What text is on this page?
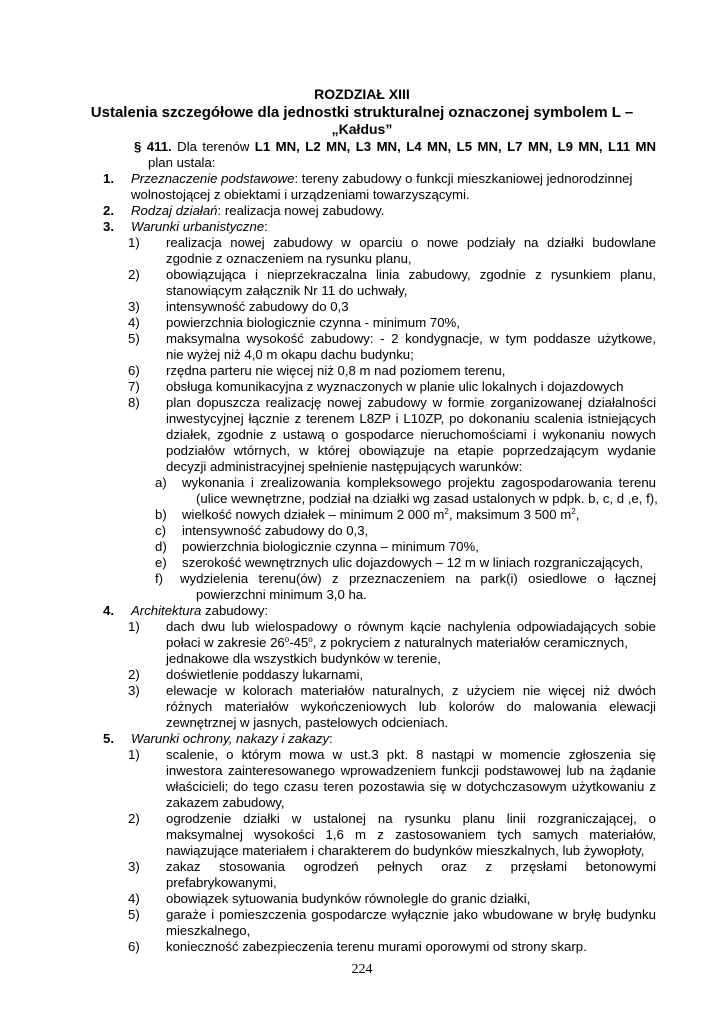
ROZDZIAŁ XIII
Ustalenia szczegółowe dla jednostki strukturalnej oznaczonej symbolem L –
„Kałdus”
§ 411. Dla terenów L1 MN, L2 MN, L3 MN, L4 MN, L5 MN, L7 MN, L9 MN, L11 MN
plan ustala:
1. Przeznaczenie podstawowe: tereny zabudowy o funkcji mieszkaniowej jednorodzinnej
wolnostojącej z obiektami i urządzeniami towarzyszącymi.
2. Rodzaj działań: realizacja nowej zabudowy.
3. Warunki urbanistyczne:
1) realizacja nowej zabudowy w oparciu o nowe podziały na działki budowlane
zgodnie z oznaczeniem na rysunku planu,
2) obowiązująca i nieprzekraczalna linia zabudowy, zgodnie z rysunkiem planu,
stanowiącym załącznik Nr 11 do uchwały,
3) intensywność zabudowy do 0,3
4) powierzchnia biologicznie czynna - minimum 70%,
5) maksymalna wysokość zabudowy: - 2 kondygnacje, w tym poddasze użytkowe,
nie wyżej niż 4,0 m okapu dachu budynku;
6) rzędna parteru nie więcej niż 0,8 m nad poziomem terenu,
7) obsługa komunikacyjna z wyznaczonych w planie ulic lokalnych i dojazdowych
8) plan dopuszcza realizację nowej zabudowy w formie zorganizowanej działalności
inwestycyjnej łącznie z terenem L8ZP i L10ZP, po dokonaniu scalenia istniejących
działek, zgodnie z ustawą o gospodarce nieruchomościami i wykonaniu nowych
podziałów wtórnych, w której obowiązuje na etapie poprzedzającym wydanie
decyzji administracyjnej spełnienie następujących warunków:
a) wykonania i zrealizowania kompleksowego projektu zagospodarowania terenu
(ulice wewnętrzne, podział na działki wg zasad ustalonych w pdpk. b, c, d ,e, f),
b) wielkość nowych działek – minimum 2 000 $m^2$, maksimum 3 500 $m^2$,
c) intensywność zabudowy do 0,3,
d) powierzchnia biologicznie czynna – minimum 70%,
e) szerokość wewnętrznych ulic dojazdowych – 12 m w liniach rozgraniczających,
f) wydzielenia terenu(ów) z przeznaczeniem na park(i) osiedlowe o łącznej
powierzchni minimum 3,0 ha.
4. Architektura zabudowy:
1) dach dwu lub wielospadowy o równym kącie nachylenia odpowiadających sobie
połaci w zakresie 26$^o$-45$^o$, z pokryciem z naturalnych materiałów ceramicznych,
jednakowe dla wszystkich budynków w terenie,
2) doświetlenie poddaszy lukarnami,
3) elewacje w kolorach materiałów naturalnych, z użyciem nie więcej niż dwóch
różnych materiałów wykończeniowych lub kolorów do malowania elewacji
zewnętrznej w jasnych, pastelowych odcieniach.
5. Warunki ochrony, nakazy i zakazy:
1) scalenie, o którym mowa w ust.3 pkt. 8 nastąpi w momencie zgłoszenia się
inwestora zainteresowanego wprowadzeniem funkcji podstawowej lub na żądanie
właściciel​i; do tego czasu teren pozostawia się w dotychczasowym użytkowaniu z
zakazem zabudowy,
2) ogrodzenie działki w ustalonej na rysunku planu linii rozgraniczającej, o
maksymalnej wysokości 1,6 m z zastosowaniem tych samych materiałów,
nawiązujące materiałem i charakterem do budynków mieszkalnych, lub żywopłoty,
3) zakaz stosowania ogrodzeń pełnych oraz z przęsłami betonowymi
prefabrykowanymi,
4) obowiązek sytuowania budynków równolegle do granic działki,
5) garaże i pomieszczenia gospodarcze wyłącznie jako wbudowane w bryłę budynku
mieszkalnego,
6) konieczność zabezpieczenia terenu murami oporowymi od strony skarp.
224
